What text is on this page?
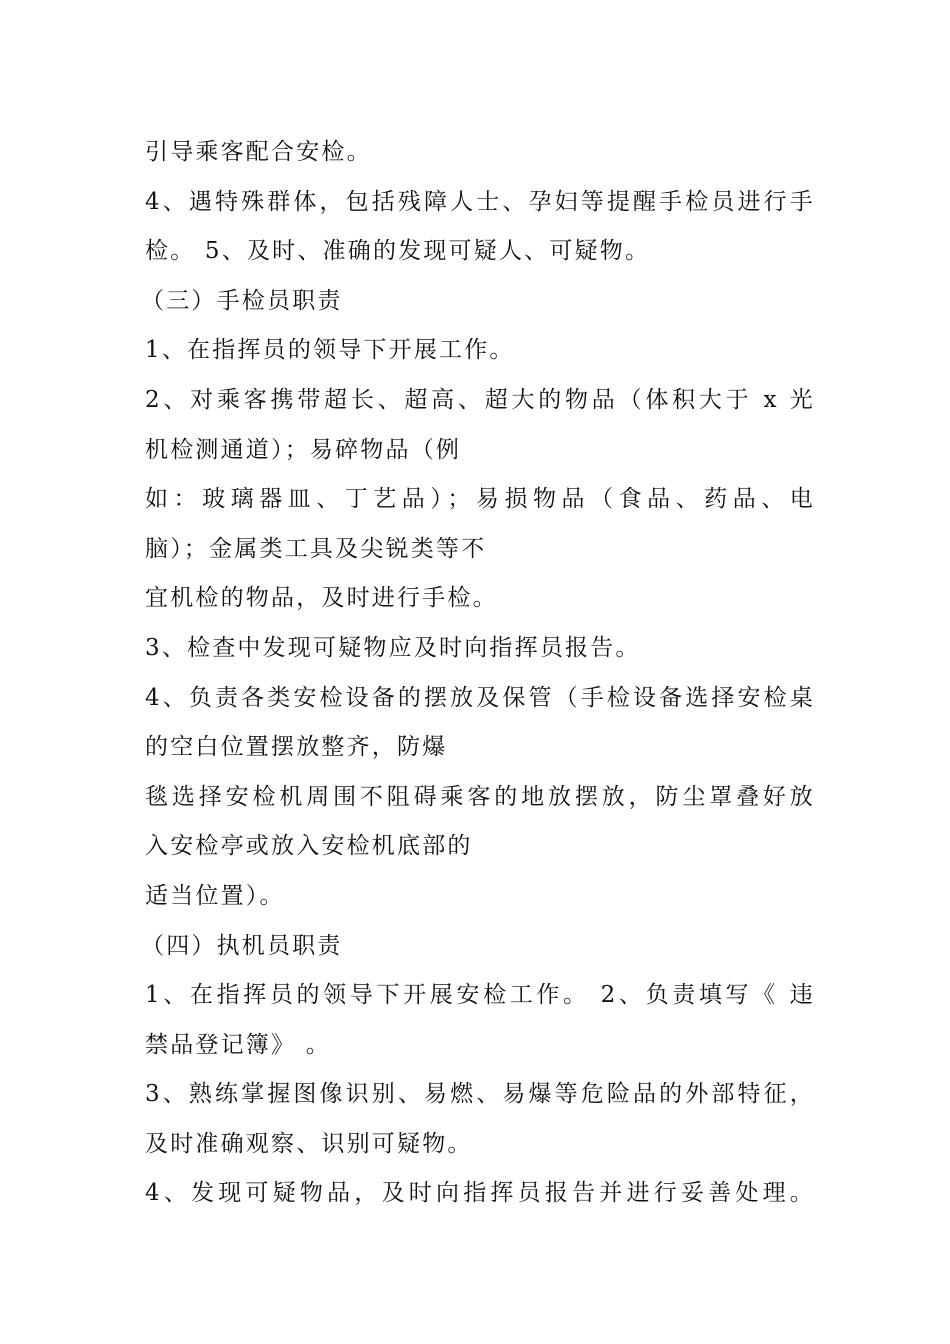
引导乘客配合安检。
4、遇特殊群体，包括残障人士、孕妇等提醒手检员进行手
检。 5、及时、准确的发现可疑人、可疑物。
（三）手检员职责
1、在指挥员的领导下开展工作。
2、对乘客携带超长、超高、超大的物品（体积大于 x 光
机检测通道）；易碎物品（例
如：玻璃器皿、丁艺品）；易损物品（食品、药品、电
脑）；金属类工具及尖锐类等不
宜机检的物品，及时进行手检。
3、检查中发现可疑物应及时向指挥员报告。
4、负责各类安检设备的摆放及保管（手检设备选择安检桌
的空白位置摆放整齐，防爆
毯选择安检机周围不阻碍乘客的地放摆放，防尘罩叠好放
入安检亭或放入安检机底部的
适当位置）。
（四）执机员职责
1、在指挥员的领导下开展安检工作。 2、负责填写《 违
禁品登记簿》 。
3、熟练掌握图像识别、易燃、易爆等危险品的外部特征，
及时准确观察、识别可疑物。
4、发现可疑物品，及时向指挥员报告并进行妥善处理。
